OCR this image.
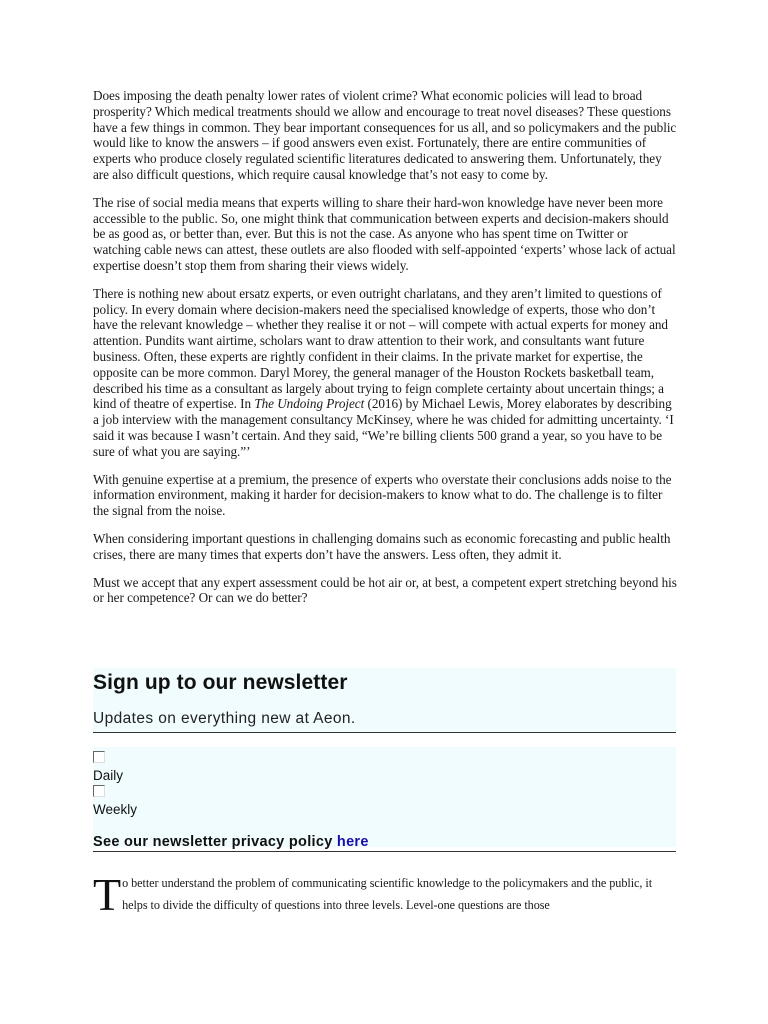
Does imposing the death penalty lower rates of violent crime? What economic policies will lead to broad prosperity? Which medical treatments should we allow and encourage to treat novel diseases? These questions have a few things in common. They bear important consequences for us all, and so policymakers and the public would like to know the answers – if good answers even exist. Fortunately, there are entire communities of experts who produce closely regulated scientific literatures dedicated to answering them. Unfortunately, they are also difficult questions, which require causal knowledge that’s not easy to come by.

The rise of social media means that experts willing to share their hard-won knowledge have never been more accessible to the public. So, one might think that communication between experts and decision-makers should be as good as, or better than, ever. But this is not the case. As anyone who has spent time on Twitter or watching cable news can attest, these outlets are also flooded with self-appointed ‘experts’ whose lack of actual expertise doesn’t stop them from sharing their views widely.

There is nothing new about ersatz experts, or even outright charlatans, and they aren’t limited to questions of policy. In every domain where decision-makers need the specialised knowledge of experts, those who don’t have the relevant knowledge – whether they realise it or not – will compete with actual experts for money and attention. Pundits want airtime, scholars want to draw attention to their work, and consultants want future business. Often, these experts are rightly confident in their claims. In the private market for expertise, the opposite can be more common. Daryl Morey, the general manager of the Houston Rockets basketball team, described his time as a consultant as largely about trying to feign complete certainty about uncertain things; a kind of theatre of expertise. In The Undoing Project (2016) by Michael Lewis, Morey elaborates by describing a job interview with the management consultancy McKinsey, where he was chided for admitting uncertainty. ‘I said it was because I wasn’t certain. And they said, “We’re billing clients 500 grand a year, so you have to be sure of what you are saying.”’

With genuine expertise at a premium, the presence of experts who overstate their conclusions adds noise to the information environment, making it harder for decision-makers to know what to do. The challenge is to filter the signal from the noise.

When considering important questions in challenging domains such as economic forecasting and public health crises, there are many times that experts don’t have the answers. Less often, they admit it.

Must we accept that any expert assessment could be hot air or, at best, a competent expert stretching beyond his or her competence? Or can we do better?

Sign up to our newsletter
Updates on everything new at Aeon.
Daily
Weekly
See our newsletter privacy policy here
To better understand the problem of communicating scientific knowledge to the policymakers and the public, it helps to divide the difficulty of questions into three levels. Level-one questions are those
